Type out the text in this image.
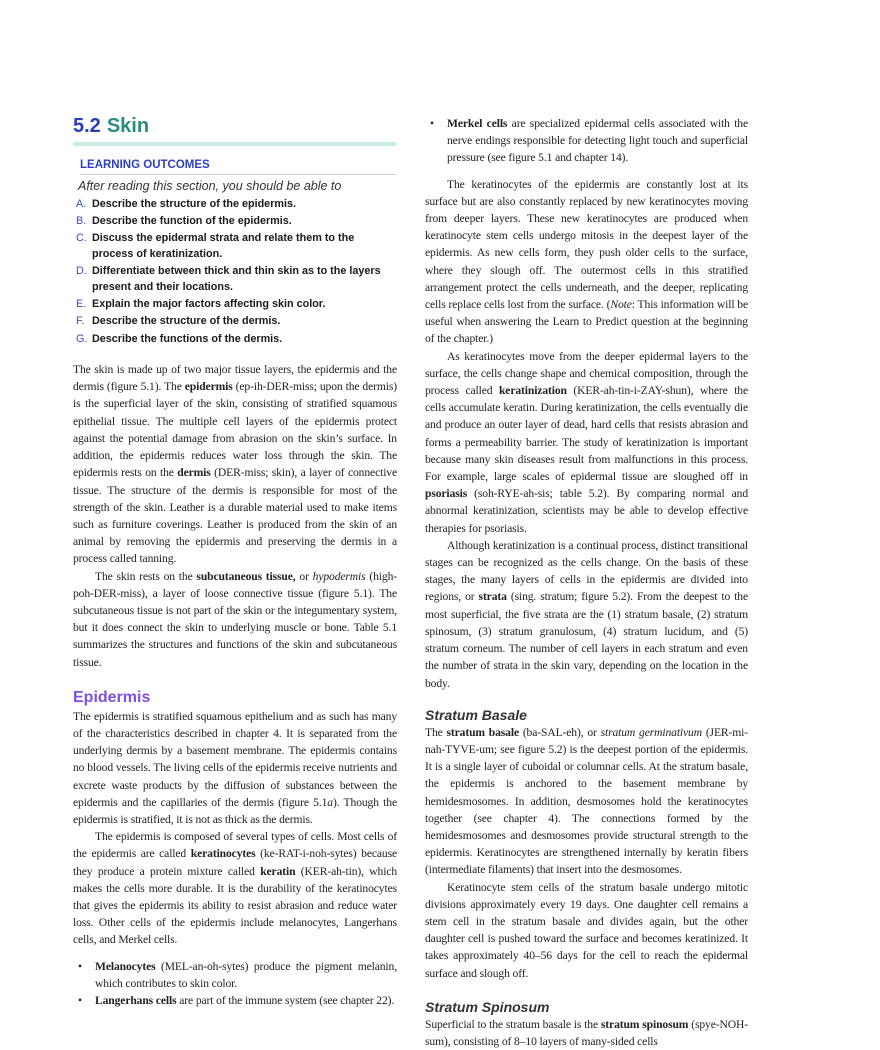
5.2 Skin
LEARNING OUTCOMES
After reading this section, you should be able to
A. Describe the structure of the epidermis.
B. Describe the function of the epidermis.
C. Discuss the epidermal strata and relate them to the process of keratinization.
D. Differentiate between thick and thin skin as to the layers present and their locations.
E. Explain the major factors affecting skin color.
F. Describe the structure of the dermis.
G. Describe the functions of the dermis.

The skin is made up of two major tissue layers, the epidermis and the dermis (figure 5.1). The epidermis (ep-ih-DER-miss; upon the dermis) is the superficial layer of the skin, consisting of stratified squamous epithelial tissue. The multiple cell layers of the epidermis protect against the potential damage from abrasion on the skin’s surface. In addition, the epidermis reduces water loss through the skin. The epidermis rests on the dermis (DER-miss; skin), a layer of connective tissue. The structure of the dermis is responsible for most of the strength of the skin. Leather is a durable material used to make items such as furniture coverings. Leather is produced from the skin of an animal by removing the epidermis and preserving the dermis in a process called tanning.

The skin rests on the subcutaneous tissue, or hypodermis (high-poh-DER-miss), a layer of loose connective tissue (figure 5.1). The subcutaneous tissue is not part of the skin or the integumentary system, but it does connect the skin to underlying muscle or bone. Table 5.1 summarizes the structures and functions of the skin and subcutaneous tissue.

Epidermis

The epidermis is stratified squamous epithelium and as such has many of the characteristics described in chapter 4. It is separated from the underlying dermis by a basement membrane. The epidermis contains no blood vessels. The living cells of the epidermis receive nutrients and excrete waste products by the diffusion of substances between the epidermis and the capillaries of the dermis (figure 5.1a). Though the epidermis is stratified, it is not as thick as the dermis.

The epidermis is composed of several types of cells. Most cells of the epidermis are called keratinocytes (ke-RAT-i-noh-sytes) because they produce a protein mixture called keratin (KER-ah-tin), which makes the cells more durable. It is the durability of the keratinocytes that gives the epidermis its ability to resist abrasion and reduce water loss. Other cells of the epidermis include melanocytes, Langerhans cells, and Merkel cells.

• Melanocytes (MEL-an-oh-sytes) produce the pigment melanin, which contributes to skin color.
• Langerhans cells are part of the immune system (see chapter 22).
• Merkel cells are specialized epidermal cells associated with the nerve endings responsible for detecting light touch and superficial pressure (see figure 5.1 and chapter 14).

The keratinocytes of the epidermis are constantly lost at its surface but are also constantly replaced by new keratinocytes moving from deeper layers. These new keratinocytes are produced when keratinocyte stem cells undergo mitosis in the deepest layer of the epidermis. As new cells form, they push older cells to the surface, where they slough off. The outermost cells in this stratified arrangement protect the cells underneath, and the deeper, replicating cells replace cells lost from the surface. (Note: This information will be useful when answering the Learn to Predict question at the beginning of the chapter.)

As keratinocytes move from the deeper epidermal layers to the surface, the cells change shape and chemical composition, through the process called keratinization (KER-ah-tin-i-ZAY-shun), where the cells accumulate keratin. During keratinization, the cells eventually die and produce an outer layer of dead, hard cells that resists abrasion and forms a permeability barrier. The study of keratinization is important because many skin diseases result from malfunctions in this process. For example, large scales of epidermal tissue are sloughed off in psoriasis (soh-RYE-ah-sis; table 5.2). By comparing normal and abnormal keratinization, scientists may be able to develop effective therapies for psoriasis.

Although keratinization is a continual process, distinct transitional stages can be recognized as the cells change. On the basis of these stages, the many layers of cells in the epidermis are divided into regions, or strata (sing. stratum; figure 5.2). From the deepest to the most superficial, the five strata are the (1) stratum basale, (2) stratum spinosum, (3) stratum granulosum, (4) stratum lucidum, and (5) stratum corneum. The number of cell layers in each stratum and even the number of strata in the skin vary, depending on the location in the body.

Stratum Basale

The stratum basale (ba-SAL-eh), or stratum germinativum (JER-mi-nah-TYVE-um; see figure 5.2) is the deepest portion of the epidermis. It is a single layer of cuboidal or columnar cells. At the stratum basale, the epidermis is anchored to the basement membrane by hemidesmosomes. In addition, desmosomes hold the keratinocytes together (see chapter 4). The connections formed by the hemidesmosomes and desmosomes provide structural strength to the epidermis. Keratinocytes are strengthened internally by keratin fibers (intermediate filaments) that insert into the desmosomes.

Keratinocyte stem cells of the stratum basale undergo mitotic divisions approximately every 19 days. One daughter cell remains a stem cell in the stratum basale and divides again, but the other daughter cell is pushed toward the surface and becomes keratinized. It takes approximately 40–56 days for the cell to reach the epidermal surface and slough off.

Stratum Spinosum

Superficial to the stratum basale is the stratum spinosum (spye-NOH-sum), consisting of 8–10 layers of many-sided cells
